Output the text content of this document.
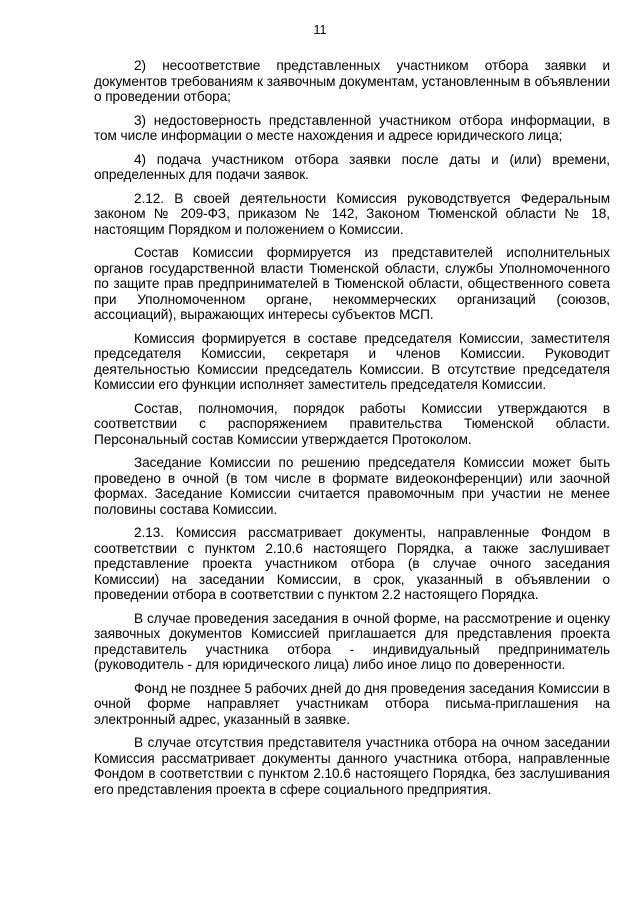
11

2) несоответствие представленных участником отбора заявки и документов требованиям к заявочным документам, установленным в объявлении о проведении отбора;

3) недостоверность представленной участником отбора информации, в том числе информации о месте нахождения и адресе юридического лица;

4) подача участником отбора заявки после даты и (или) времени, определенных для подачи заявок.

2.12. В своей деятельности Комиссия руководствуется Федеральным законом № 209-ФЗ, приказом № 142, Законом Тюменской области № 18, настоящим Порядком и положением о Комиссии.

Состав Комиссии формируется из представителей исполнительных органов государственной власти Тюменской области, службы Уполномоченного по защите прав предпринимателей в Тюменской области, общественного совета при Уполномоченном органе, некоммерческих организаций (союзов, ассоциаций), выражающих интересы субъектов МСП.

Комиссия формируется в составе председателя Комиссии, заместителя председателя Комиссии, секретаря и членов Комиссии. Руководит деятельностью Комиссии председатель Комиссии. В отсутствие председателя Комиссии его функции исполняет заместитель председателя Комиссии.

Состав, полномочия, порядок работы Комиссии утверждаются в соответствии с распоряжением правительства Тюменской области. Персональный состав Комиссии утверждается Протоколом.

Заседание Комиссии по решению председателя Комиссии может быть проведено в очной (в том числе в формате видеоконференции) или заочной формах. Заседание Комиссии считается правомочным при участии не менее половины состава Комиссии.

2.13. Комиссия рассматривает документы, направленные Фондом в соответствии с пунктом 2.10.6 настоящего Порядка, а также заслушивает представление проекта участником отбора (в случае очного заседания Комиссии) на заседании Комиссии, в срок, указанный в объявлении о проведении отбора в соответствии с пунктом 2.2 настоящего Порядка.

В случае проведения заседания в очной форме, на рассмотрение и оценку заявочных документов Комиссией приглашается для представления проекта представитель участника отбора - индивидуальный предприниматель (руководитель - для юридического лица) либо иное лицо по доверенности.

Фонд не позднее 5 рабочих дней до дня проведения заседания Комиссии в очной форме направляет участникам отбора письма-приглашения на электронный адрес, указанный в заявке.

В случае отсутствия представителя участника отбора на очном заседании Комиссия рассматривает документы данного участника отбора, направленные Фондом в соответствии с пунктом 2.10.6 настоящего Порядка, без заслушивания его представления проекта в сфере социального предприятия.
